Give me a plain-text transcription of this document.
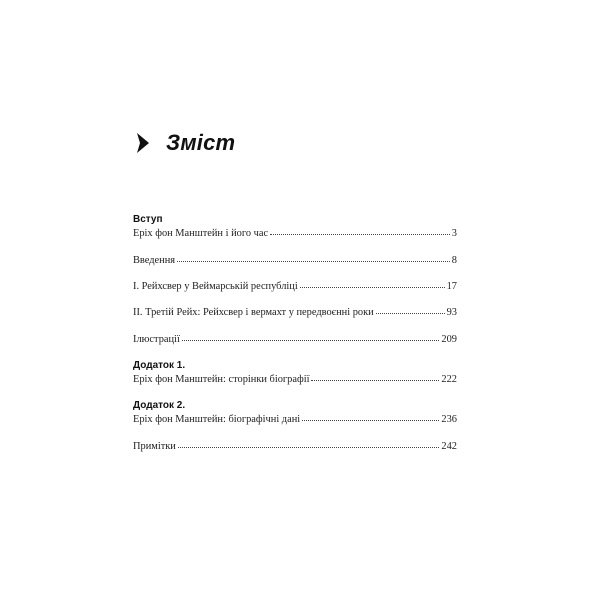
Зміст
Вступ
Еріх фон Манштейн і його час	3
Введення	8
І. Рейхсвер у Веймарській республіці	17
ІІ. Третій Рейх: Рейхсвер і вермахт у передвоєнні роки	93
Ілюстрації	209
Додаток 1.
Еріх фон Манштейн: сторінки біографії	222
Додаток 2.
Еріх фон Манштейн: біографічні дані	236
Примітки	242
